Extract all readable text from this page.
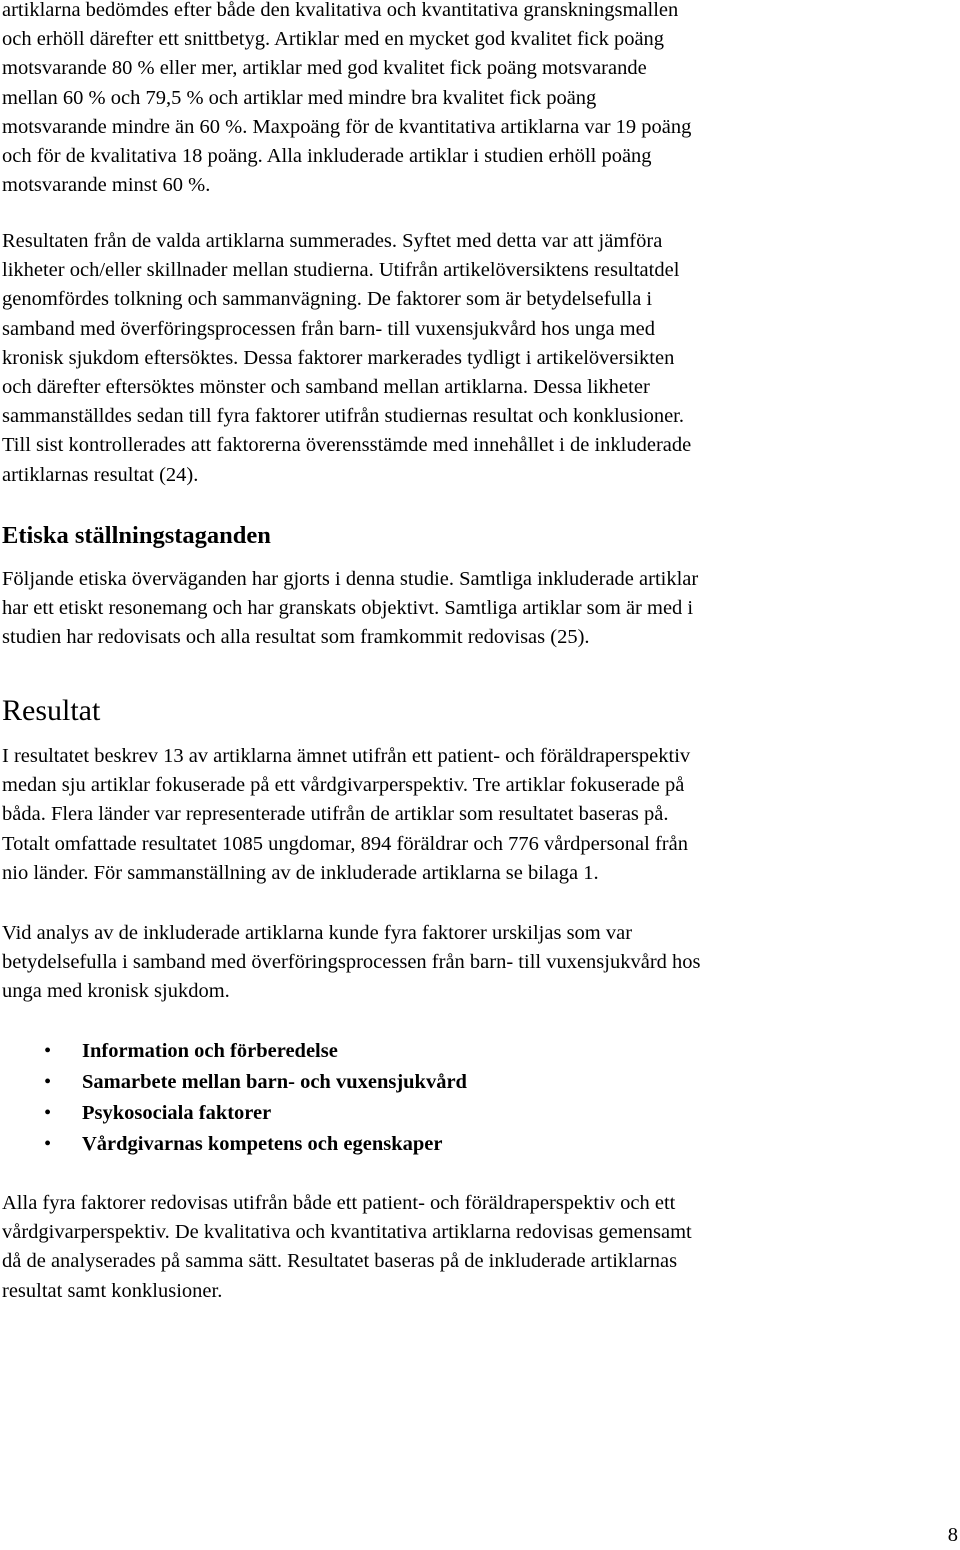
artiklarna bedömdes efter både den kvalitativa och kvantitativa granskningsmallen
och erhöll därefter ett snittbetyg. Artiklar med en mycket god kvalitet fick poäng
motsvarande 80 % eller mer, artiklar med god kvalitet fick poäng motsvarande
mellan 60 % och 79,5 % och artiklar med mindre bra kvalitet fick poäng
motsvarande mindre än 60 %. Maxpoäng för de kvantitativa artiklarna var 19 poäng
och för de kvalitativa 18 poäng. Alla inkluderade artiklar i studien erhöll poäng
motsvarande minst 60 %.

Resultaten från de valda artiklarna summerades. Syftet med detta var att jämföra
likheter och/eller skillnader mellan studierna. Utifrån artikelöversiktens resultatdel
genomfördes tolkning och sammanvägning. De faktorer som är betydelsefulla i
samband med överföringsprocessen från barn- till vuxensjukvård hos unga med
kronisk sjukdom eftersöktes. Dessa faktorer markerades tydligt i artikelöversikten
och därefter eftersöktes mönster och samband mellan artiklarna. Dessa likheter
sammanställdes sedan till fyra faktorer utifrån studiernas resultat och konklusioner.
Till sist kontrollerades att faktorerna överensstämde med innehållet i de inkluderade
artiklarnas resultat (24).

Etiska ställningstaganden

Följande etiska överväganden har gjorts i denna studie. Samtliga inkluderade artiklar
har ett etiskt resonemang och har granskats objektivt. Samtliga artiklar som är med i
studien har redovisats och alla resultat som framkommit redovisas (25).

Resultat

I resultatet beskrev 13 av artiklarna ämnet utifrån ett patient- och föräldraperspektiv
medan sju artiklar fokuserade på ett vårdgivarperspektiv. Tre artiklar fokuserade på
båda. Flera länder var representerade utifrån de artiklar som resultatet baseras på.
Totalt omfattade resultatet 1085 ungdomar, 894 föräldrar och 776 vårdpersonal från
nio länder. För sammanställning av de inkluderade artiklarna se bilaga 1.

Vid analys av de inkluderade artiklarna kunde fyra faktorer urskiljas som var
betydelsefulla i samband med överföringsprocessen från barn- till vuxensjukvård hos
unga med kronisk sjukdom.

• Information och förberedelse
• Samarbete mellan barn- och vuxensjukvård
• Psykosociala faktorer
• Vårdgivarnas kompetens och egenskaper

Alla fyra faktorer redovisas utifrån både ett patient- och föräldraperspektiv och ett
vårdgivarperspektiv. De kvalitativa och kvantitativa artiklarna redovisas gemensamt
då de analyserades på samma sätt. Resultatet baseras på de inkluderade artiklarnas
resultat samt konklusioner.

8
